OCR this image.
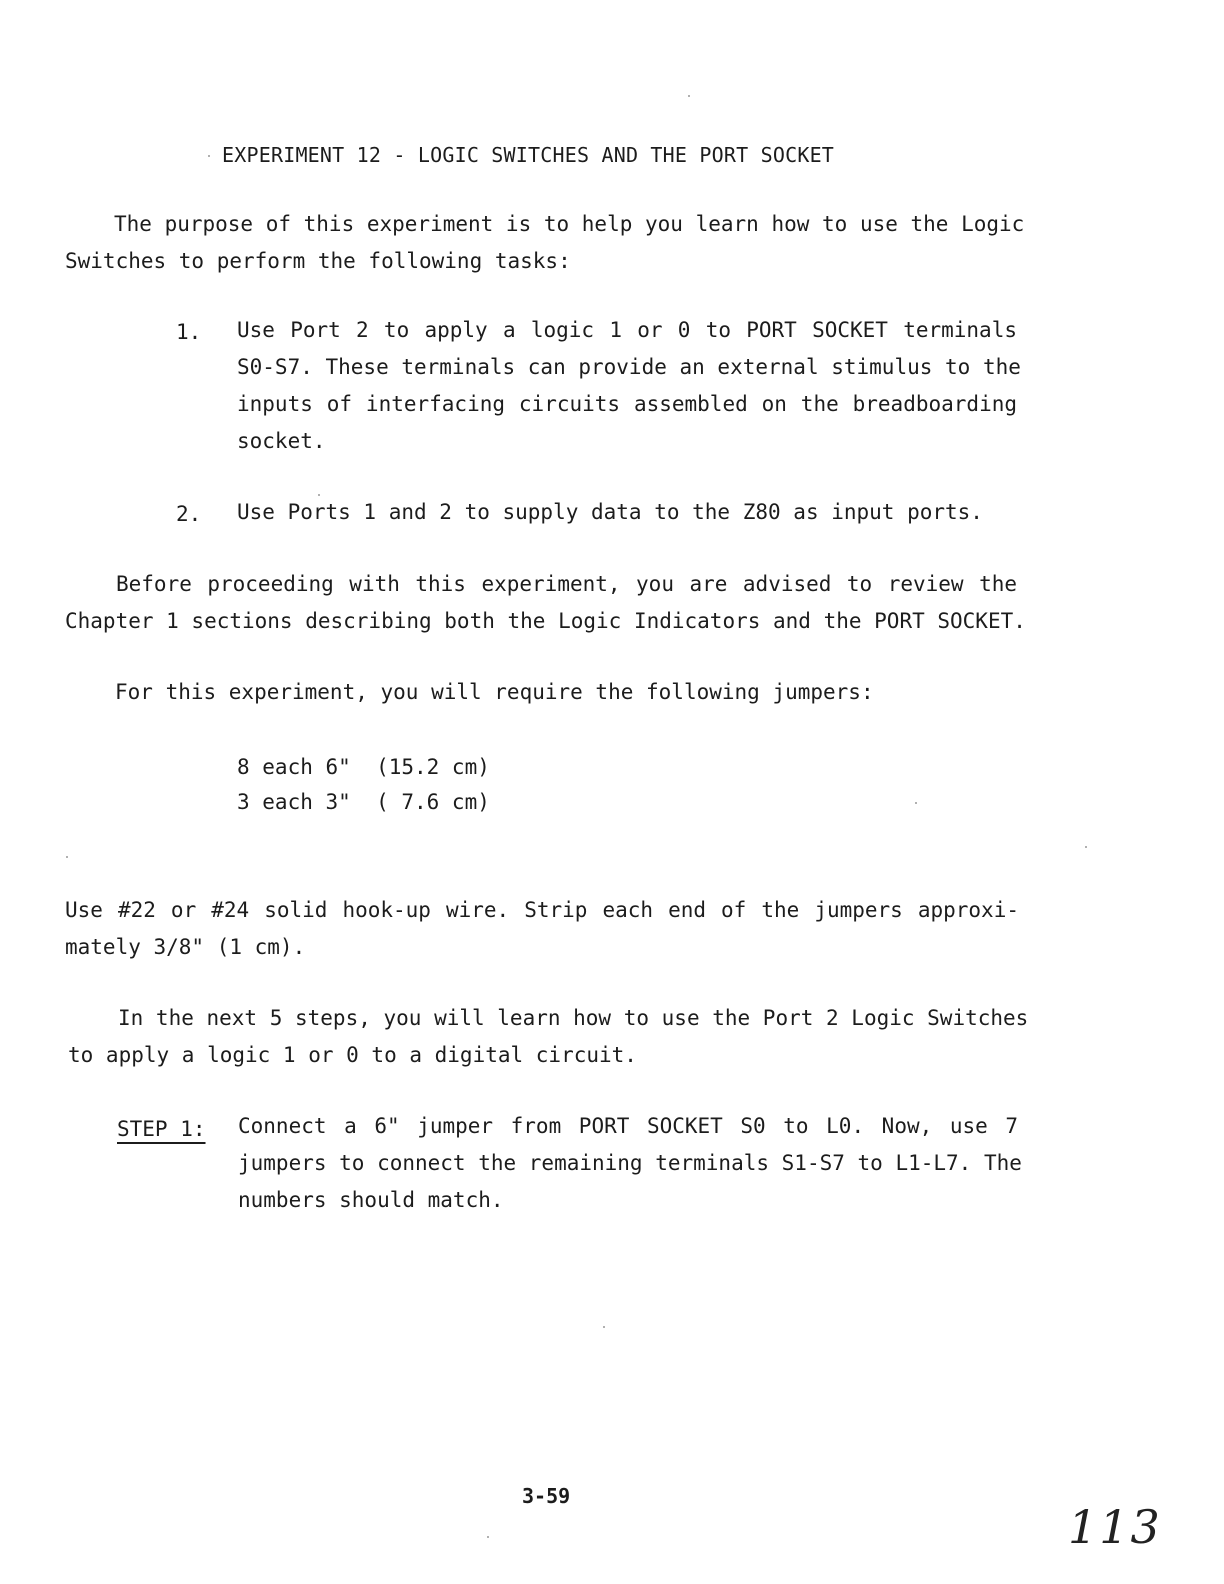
EXPERIMENT 12 - LOGIC SWITCHES AND THE PORT SOCKET

The purpose of this experiment is to help you learn how to use the Logic
Switches to perform the following tasks:
1. Use Port 2 to apply a logic 1 or 0 to PORT SOCKET terminals
S0-S7. These terminals can provide an external stimulus to the
inputs of interfacing circuits assembled on the breadboarding
socket.
2. Use Ports 1 and 2 to supply data to the Z80 as input ports.
Before proceeding with this experiment, you are advised to review the
Chapter 1 sections describing both the Logic Indicators and the PORT SOCKET.
For this experiment, you will require the following jumpers:
8 each 6"  (15.2 cm)
3 each 3"  ( 7.6 cm)
Use #22 or #24 solid hook-up wire. Strip each end of the jumpers approxi-
mately 3/8" (1 cm).
In the next 5 steps, you will learn how to use the Port 2 Logic Switches
to apply a logic 1 or 0 to a digital circuit.
STEP 1: Connect a 6" jumper from PORT SOCKET S0 to L0. Now, use 7
jumpers to connect the remaining terminals S1-S7 to L1-L7. The
numbers should match.

3-59

113
